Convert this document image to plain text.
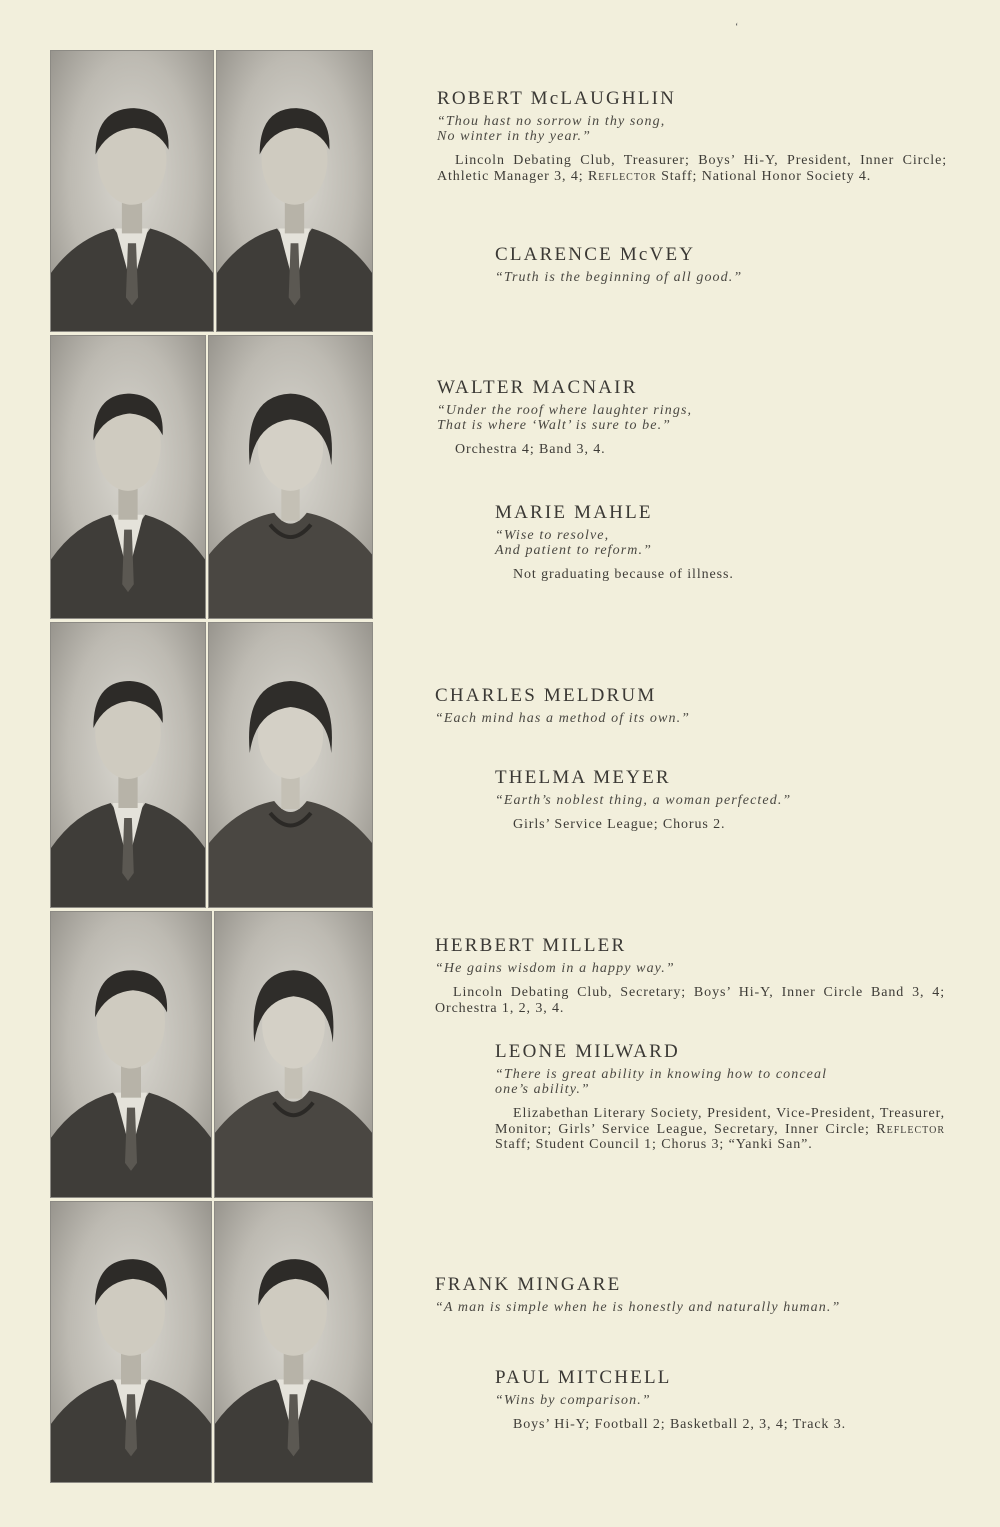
‘
ROBERT McLAUGHLIN
“Thou hast no sorrow in thy song,
No winter in thy year.”
Lincoln Debating Club, Treasurer; Boys’ Hi-Y, President, Inner Circle; Athletic Manager 3, 4; Reflector Staff; National Honor Society 4.
CLARENCE McVEY
“Truth is the beginning of all good.”
WALTER MACNAIR
“Under the roof where laughter rings,
That is where ‘Walt’ is sure to be.”
Orchestra 4; Band 3, 4.
MARIE MAHLE
“Wise to resolve,
And patient to reform.”
Not graduating because of illness.
CHARLES MELDRUM
“Each mind has a method of its own.”
THELMA MEYER
“Earth’s noblest thing, a woman perfected.”
Girls’ Service League; Chorus 2.
HERBERT MILLER
“He gains wisdom in a happy way.”
Lincoln Debating Club, Secretary; Boys’ Hi-Y, Inner Circle Band 3, 4; Orchestra 1, 2, 3, 4.
LEONE MILWARD
“There is great ability in knowing how to conceal
one’s ability.”
Elizabethan Literary Society, President, Vice-President, Treasurer, Monitor; Girls’ Service League, Secretary, Inner Circle; Reflector Staff; Student Council 1; Chorus 3; “Yanki San”.
FRANK MINGARE
“A man is simple when he is honestly and naturally human.”
PAUL MITCHELL
“Wins by comparison.”
Boys’ Hi-Y; Football 2; Basketball 2, 3, 4; Track 3.
